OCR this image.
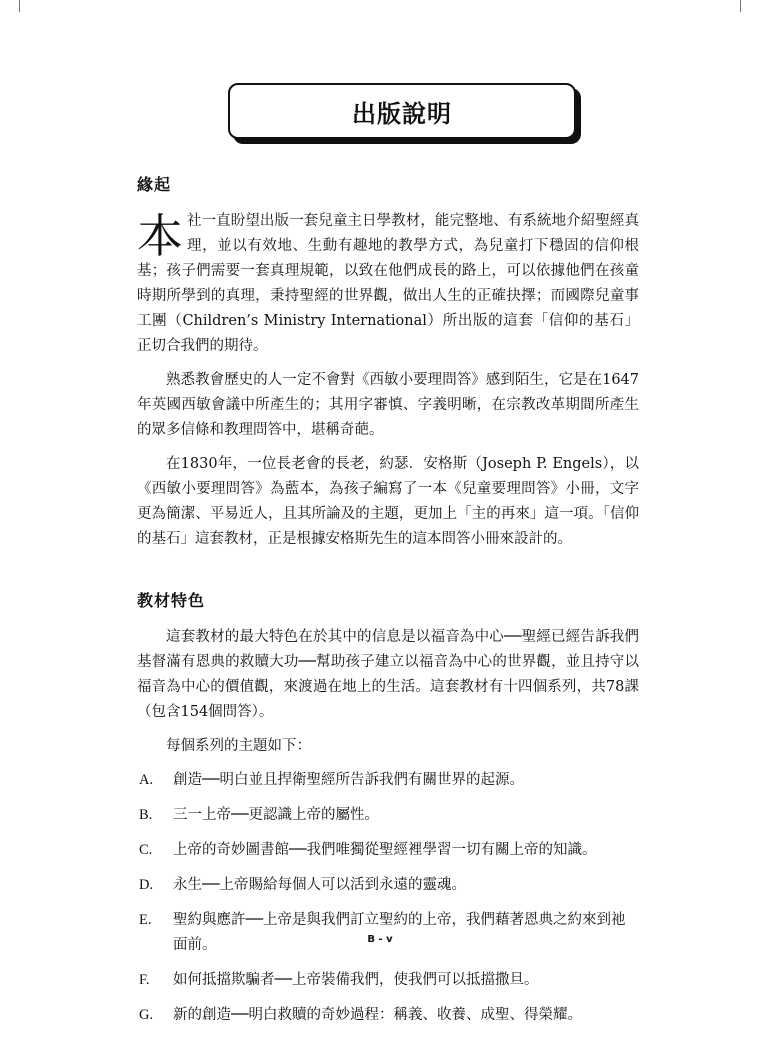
出版說明
緣起

本社一直盼望出版一套兒童主日學教材，能完整地、有系統地介紹聖經真理，並以有效地、生動有趣地的教學方式，為兒童打下穩固的信仰根基；孩子們需要一套真理規範，以致在他們成長的路上，可以依據他們在孩童時期所學到的真理，秉持聖經的世界觀，做出人生的正確抉擇；而國際兒童事工團（Children’s Ministry International）所出版的這套「信仰的基石」正切合我們的期待。

熟悉教會歷史的人一定不會對《西敏小要理問答》感到陌生，它是在1647年英國西敏會議中所產生的；其用字審慎、字義明晰，在宗教改革期間所產生的眾多信條和教理問答中，堪稱奇葩。

在1830年，一位長老會的長老，約瑟．安格斯（Joseph P. Engels），以《西敏小要理問答》為藍本，為孩子編寫了一本《兒童要理問答》小冊，文字更為簡潔、平易近人，且其所論及的主題，更加上「主的再來」這一項。「信仰的基石」這套教材，正是根據安格斯先生的這本問答小冊來設計的。

教材特色

這套教材的最大特色在於其中的信息是以福音為中心──聖經已經告訴我們基督滿有恩典的救贖大功──幫助孩子建立以福音為中心的世界觀，並且持守以福音為中心的價值觀，來渡過在地上的生活。這套教材有十四個系列，共78課（包含154個問答）。

每個系列的主題如下：

A. 創造──明白並且捍衛聖經所告訴我們有關世界的起源。
B. 三一上帝──更認識上帝的屬性。
C. 上帝的奇妙圖書館──我們唯獨從聖經裡學習一切有關上帝的知識。
D. 永生──上帝賜給每個人可以活到永遠的靈魂。
E. 聖約與應許──上帝是與我們訂立聖約的上帝，我們藉著恩典之約來到祂面前。
F. 如何抵擋欺騙者──上帝裝備我們，使我們可以抵擋撒旦。
G. 新的創造──明白救贖的奇妙過程：稱義、收養、成聖、得榮耀。
B - v
